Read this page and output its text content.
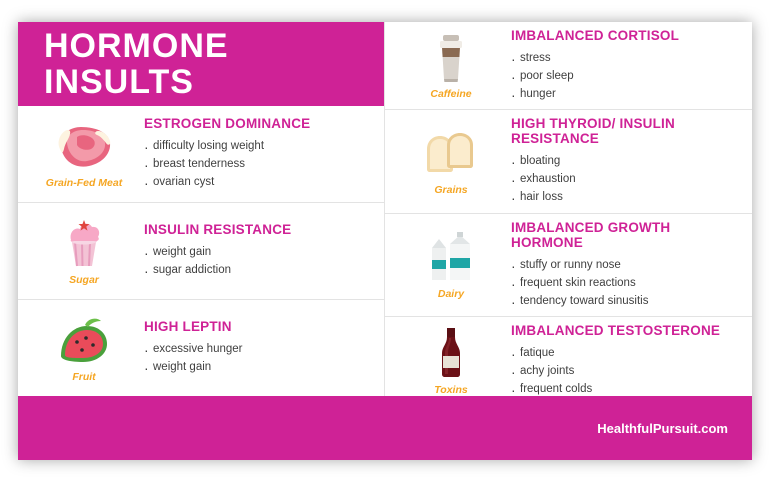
HORMONE
INSULTS
Grain-Fed Meat
ESTROGEN DOMINANCE
· difficulty losing weight
· breast tenderness
· ovarian cyst
Sugar
INSULIN RESISTANCE
· weight gain
· sugar addiction
Fruit
HIGH LEPTIN
· excessive hunger
· weight gain
Caffeine
IMBALANCED CORTISOL
· stress
· poor sleep
· hunger
Grains
HIGH THYROID/ INSULIN RESISTANCE
· bloating
· exhaustion
· hair loss
Dairy
IMBALANCED GROWTH HORMONE
· stuffy or runny nose
· frequent skin reactions
· tendency toward sinusitis
Toxins
IMBALANCED TESTOSTERONE
· fatique
· achy joints
· frequent colds
HealthfulPursuit.com
